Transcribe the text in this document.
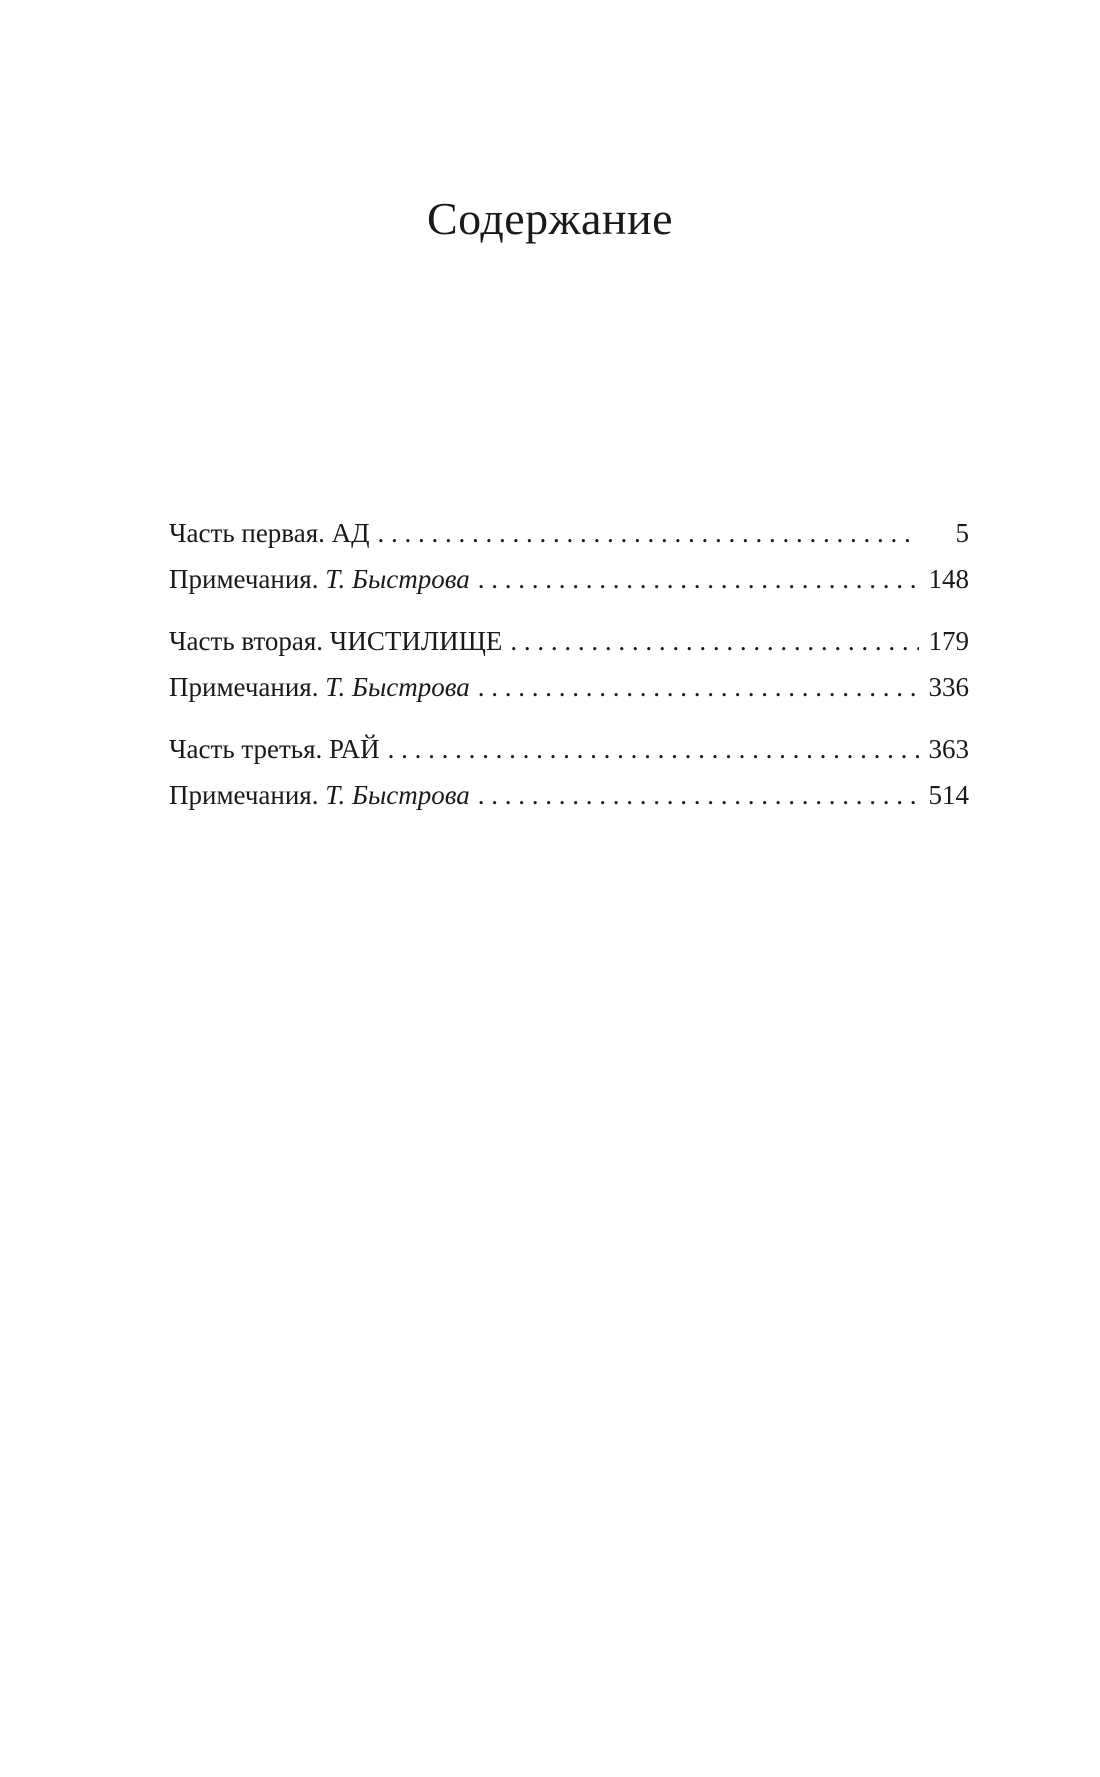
Содержание
Часть первая. АД . . .	5
Примечания. Т. Быстрова . . .	148
Часть вторая. ЧИСТИЛИЩЕ . . .	179
Примечания. Т. Быстрова . . .	336
Часть третья. РАЙ . . .	363
Примечания. Т. Быстрова . . .	514
